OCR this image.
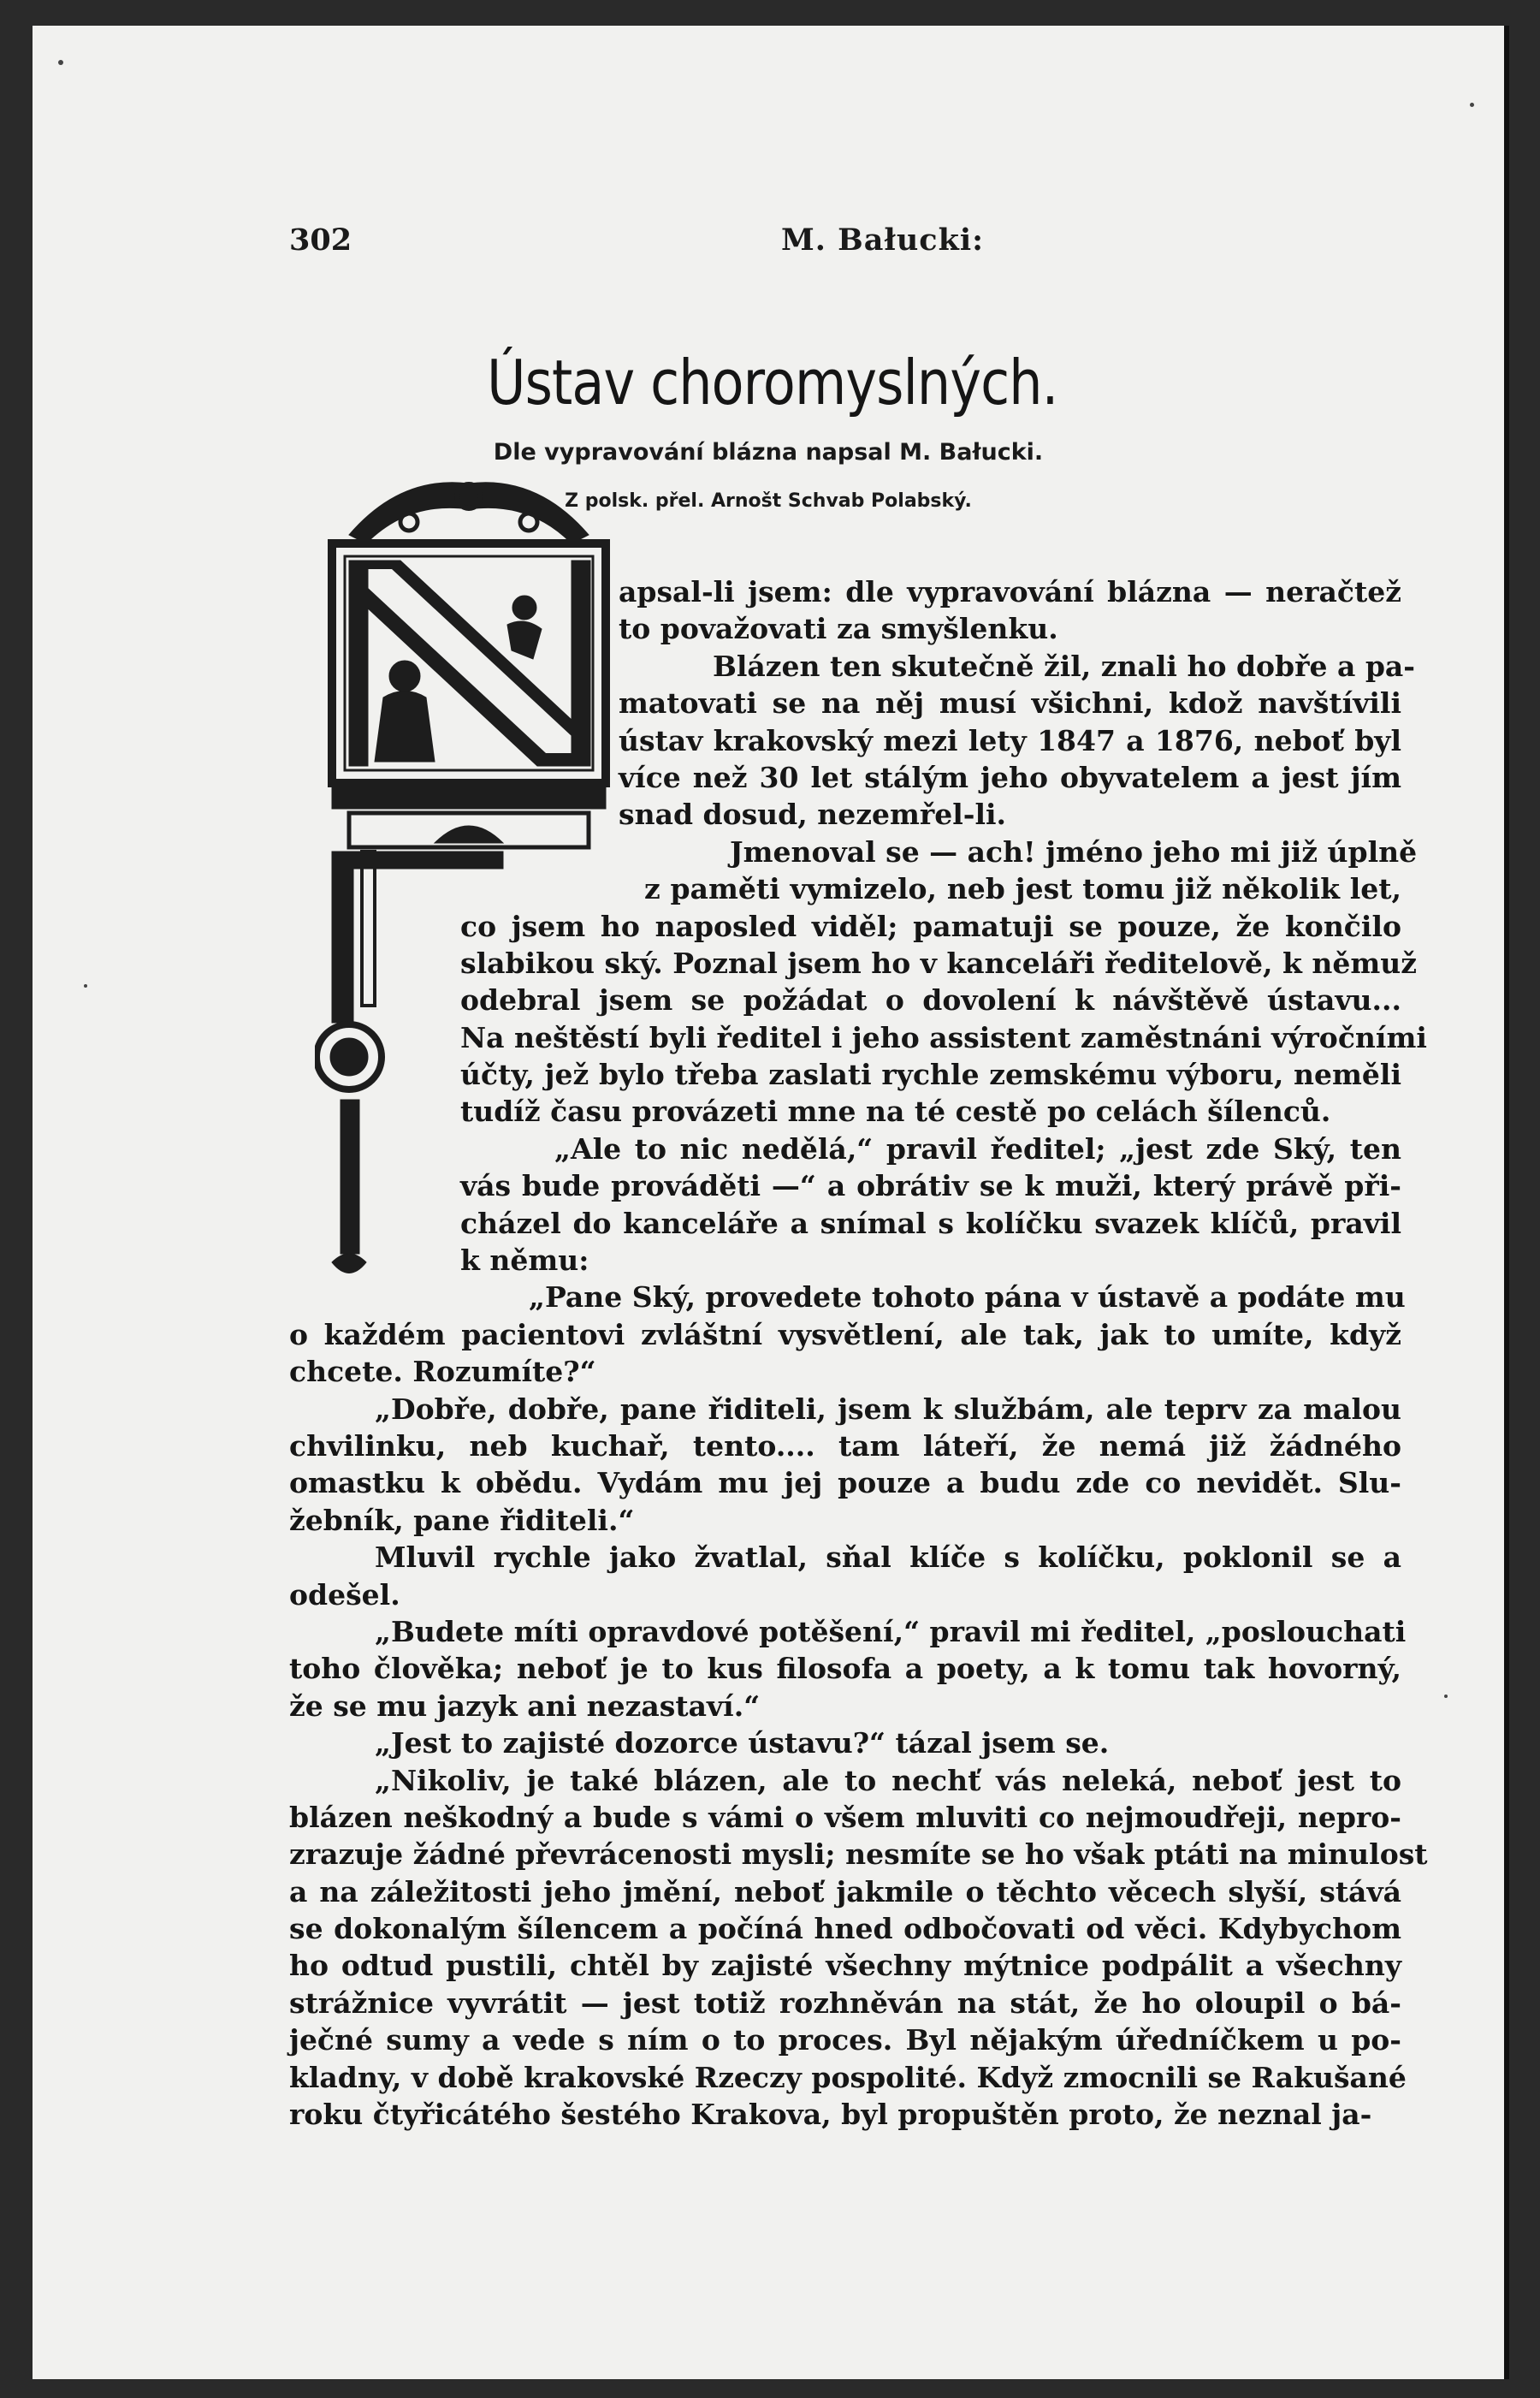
302	M. Bałucki:
Ústav choromyslných.
Dle vypravování blázna napsal M. Bałucki.
Z polsk. přel. Arnošt Schvab Polabský.
apsal-li jsem: dle vypravování blázna — neračtež
to považovati za smyšlenku.
Blázen ten skutečně žil, znali ho dobře a pa-
matovati se na něj musí všichni, kdož navštívili
ústav krakovský mezi lety 1847 a 1876, neboť byl
více než 30 let stálým jeho obyvatelem a jest jím
snad dosud, nezemřel-li.
Jmenoval se — ach! jméno jeho mi již úplně
z paměti vymizelo, neb jest tomu již několik let,
co jsem ho naposled viděl; pamatuji se pouze, že končilo
slabikou ský. Poznal jsem ho v kanceláři ředitelově, k němuž
odebral jsem se požádat o dovolení k návštěvě ústavu...
Na neštěstí byli ředitel i jeho assistent zaměstnáni výročními
účty, jež bylo třeba zaslati rychle zemskému výboru, neměli
tudíž času provázeti mne na té cestě po celách šílenců.
„Ale to nic nedělá,“ pravil ředitel; „jest zde Ský, ten
vás bude prováděti —“ a obrátiv se k muži, který právě při-
cházel do kanceláře a snímal s kolíčku svazek klíčů, pravil
k němu:
„Pane Ský, provedete tohoto pána v ústavě a podáte mu
o každém pacientovi zvláštní vysvětlení, ale tak, jak to umíte, když
chcete. Rozumíte?“
„Dobře, dobře, pane řiditeli, jsem k službám, ale teprv za malou
chvilinku, neb kuchař, tento.... tam láteří, že nemá již žádného
omastku k obědu. Vydám mu jej pouze a budu zde co nevidět. Slu-
žebník, pane řiditeli.“
Mluvil rychle jako žvatlal, sňal klíče s kolíčku, poklonil se a
odešel.
„Budete míti opravdové potěšení,“ pravil mi ředitel, „poslouchati
toho člověka; neboť je to kus filosofa a poety, a k tomu tak hovorný,
že se mu jazyk ani nezastaví.“
„Jest to zajisté dozorce ústavu?“ tázal jsem se.
„Nikoliv, je také blázen, ale to nechť vás neleká, neboť jest to
blázen neškodný a bude s vámi o všem mluviti co nejmoudřeji, nepro-
zrazuje žádné převrácenosti mysli; nesmíte se ho však ptáti na minulost
a na záležitosti jeho jmění, neboť jakmile o těchto věcech slyší, stává
se dokonalým šílencem a počíná hned odbočovati od věci. Kdybychom
ho odtud pustili, chtěl by zajisté všechny mýtnice podpálit a všechny
strážnice vyvrátit — jest totiž rozhněván na stát, že ho oloupil o bá-
ječné sumy a vede s ním o to proces. Byl nějakým úředníčkem u po-
kladny, v době krakovské Rzeczy pospolité. Když zmocnili se Rakušané
roku čtyřicátého šestého Krakova, byl propuštěn proto, že neznal ja-
